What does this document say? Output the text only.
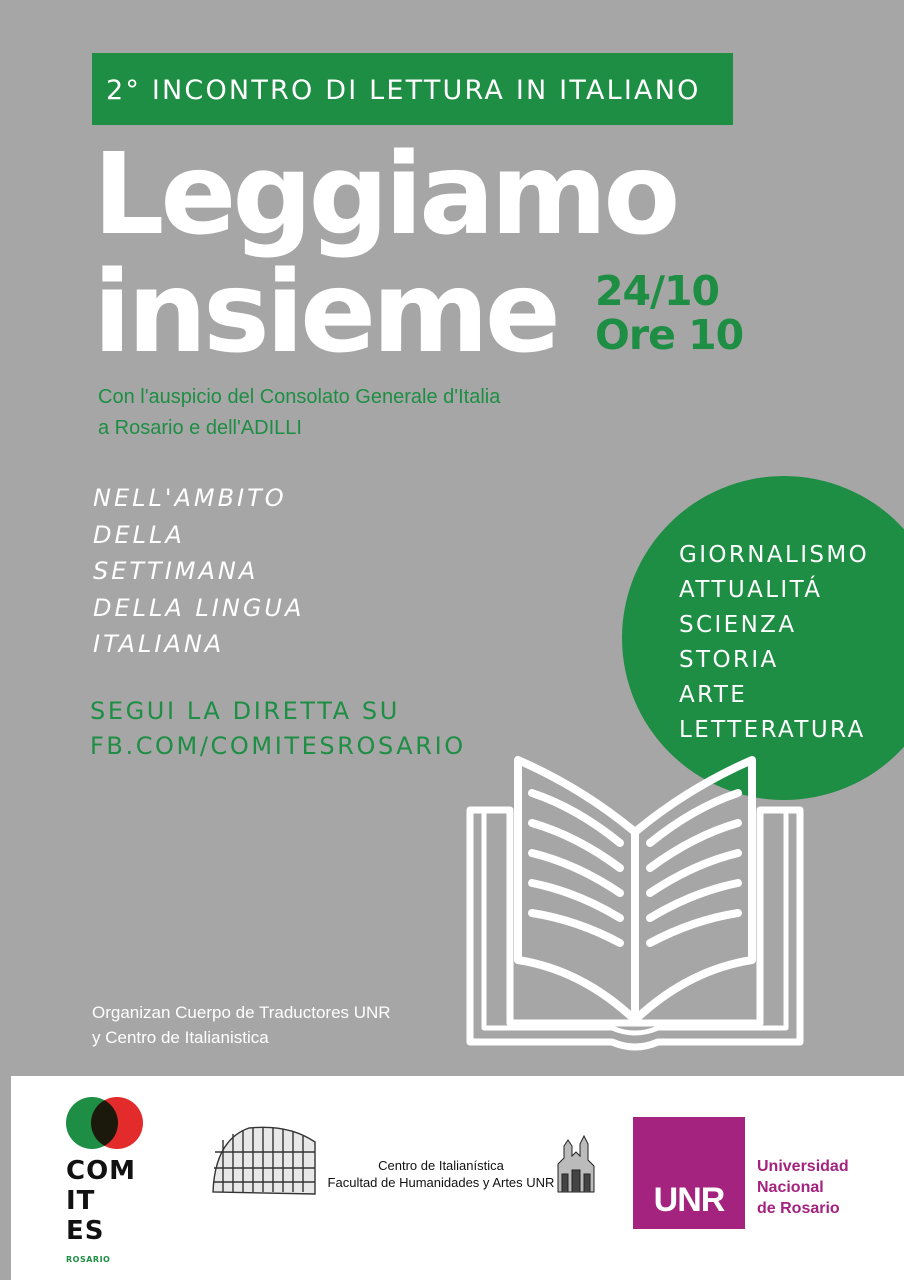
2° INCONTRO DI LETTURA IN ITALIANO
Leggiamo
insieme 24/10
Ore 10
Con l'auspicio del Consolato Generale d'Italia
a Rosario e dell'ADILLI
NELL'AMBITO
DELLA
SETTIMANA
DELLA LINGUA
ITALIANA
SEGUI LA DIRETTA SU
FB.COM/COMITESROSARIO
GIORNALISMO
ATTUALITÁ
SCIENZA
STORIA
ARTE
LETTERATURA
Organizan Cuerpo de Traductores UNR
y Centro de Italianistica
COM
IT
ES
ROSARIO
Centro de Italianística
Facultad de Humanidades y Artes UNR	UNR
Universidad
Nacional
de Rosario
